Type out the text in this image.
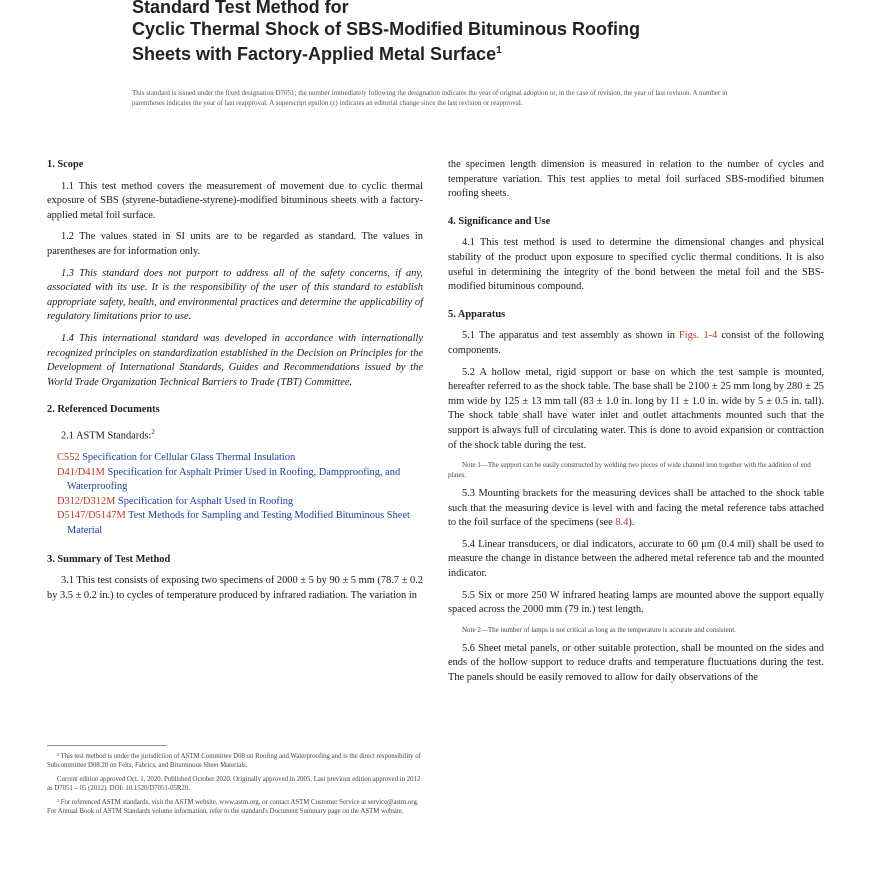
Standard Test Method for
Cyclic Thermal Shock of SBS-Modified Bituminous Roofing
Sheets with Factory-Applied Metal Surface$^1$
This standard is issued under the fixed designation D7051; the number immediately following the designation indicates the year of original adoption or, in the case of revision, the year of last revision. A number in parentheses indicates the year of last reapproval. A superscript epsilon (ε) indicates an editorial change since the last revision or reapproval.
1. Scope
1.1 This test method covers the measurement of movement due to cyclic thermal exposure of SBS (styrene-butadiene-styrene)-modified bituminous sheets with a factory-applied metal foil surface.
1.2 The values stated in SI units are to be regarded as standard. The values in parentheses are for information only.
1.3 This standard does not purport to address all of the safety concerns, if any, associated with its use. It is the responsibility of the user of this standard to establish appropriate safety, health, and environmental practices and determine the applicability of regulatory limitations prior to use.
1.4 This international standard was developed in accordance with internationally recognized principles on standardization established in the Decision on Principles for the Development of International Standards, Guides and Recommendations issued by the World Trade Organization Technical Barriers to Trade (TBT) Committee.
2. Referenced Documents
2.1 ASTM Standards:$^2$
C552 Specification for Cellular Glass Thermal Insulation
D41/D41M Specification for Asphalt Primer Used in Roofing, Dampproofing, and Waterproofing
D312/D312M Specification for Asphalt Used in Roofing
D5147/D5147M Test Methods for Sampling and Testing Modified Bituminous Sheet Material
3. Summary of Test Method
3.1 This test consists of exposing two specimens of 2000 ± 5 by 90 ± 5 mm (78.7 ± 0.2 by 3.5 ± 0.2 in.) to cycles of temperature produced by infrared radiation. The variation in

¹ This test method is under the jurisdiction of ASTM Committee D08 on Roofing and Waterproofing and is the direct responsibility of Subcommittee D08.20 on Felts, Fabrics, and Bituminous Sheet Materials.

Current edition approved Oct. 1, 2020. Published October 2020. Originally approved in 2005. Last previous edition approved in 2012 as D7051 – 05 (2012). DOI: 10.1520/D7051-05R20.

² For referenced ASTM standards, visit the ASTM website, www.astm.org, or contact ASTM Customer Service at service@astm.org. For Annual Book of ASTM Standards volume information, refer to the standard's Document Summary page on the ASTM website.

the specimen length dimension is measured in relation to the number of cycles and temperature variation. This test applies to metal foil surfaced SBS-modified bitumen roofing sheets.
4. Significance and Use
4.1 This test method is used to determine the dimensional changes and physical stability of the product upon exposure to specified cyclic thermal conditions. It is also useful in determining the integrity of the bond between the metal foil and the SBS-modified bituminous compound.
5. Apparatus
5.1 The apparatus and test assembly as shown in Figs. 1-4 consist of the following components.
5.2 A hollow metal, rigid support or base on which the test sample is mounted, hereafter referred to as the shock table. The base shall be 2100 ± 25 mm long by 280 ± 25 mm wide by 125 ± 13 mm tall (83 ± 1.0 in. long by 11 ± 1.0 in. wide by 5 ± 0.5 in. tall). The shock table shall have water inlet and outlet attachments mounted such that the support is always full of circulating water. This is done to avoid expansion or contraction of the shock table during the test.
Note 1—The support can be easily constructed by welding two pieces of wide channel iron together with the addition of end plates.
5.3 Mounting brackets for the measuring devices shall be attached to the shock table such that the measuring device is level with and facing the metal reference tabs attached to the foil surface of the specimens (see 8.4).
5.4 Linear transducers, or dial indicators, accurate to 60 μm (0.4 mil) shall be used to measure the change in distance between the adhered metal reference tab and the mounted indicator.
5.5 Six or more 250 W infrared heating lamps are mounted above the support equally spaced across the 2000 mm (79 in.) test length.
Note 2—The number of lamps is not critical as long as the temperature is accurate and consistent.
5.6 Sheet metal panels, or other suitable protection, shall be mounted on the sides and ends of the hollow support to reduce drafts and temperature fluctuations during the test. The panels should be easily removed to allow for daily observations of the
